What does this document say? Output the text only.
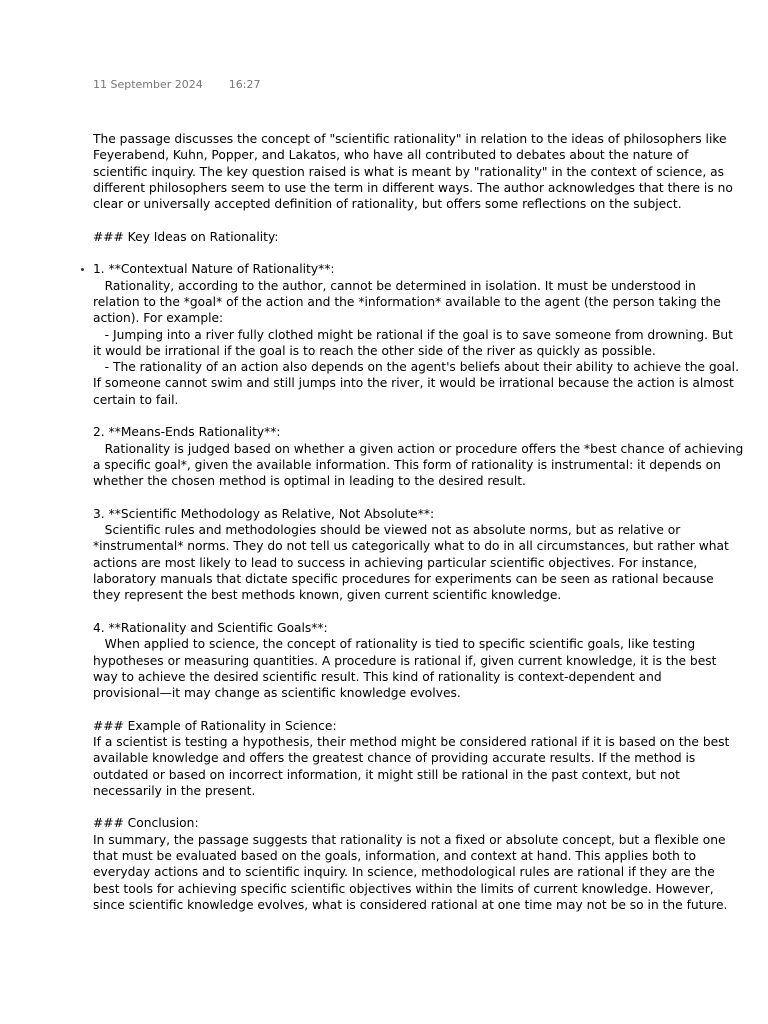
11 September 2024 16:27
The passage discusses the concept of "scientific rationality" in relation to the ideas of philosophers like
Feyerabend, Kuhn, Popper, and Lakatos, who have all contributed to debates about the nature of
scientific inquiry. The key question raised is what is meant by "rationality" in the context of science, as
different philosophers seem to use the term in different ways. The author acknowledges that there is no
clear or universally accepted definition of rationality, but offers some reflections on the subject.
### Key Ideas on Rationality:
1. **Contextual Nature of Rationality**:
Rationality, according to the author, cannot be determined in isolation. It must be understood in
relation to the *goal* of the action and the *information* available to the agent (the person taking the
action). For example:
- Jumping into a river fully clothed might be rational if the goal is to save someone from drowning. But
it would be irrational if the goal is to reach the other side of the river as quickly as possible.
- The rationality of an action also depends on the agent's beliefs about their ability to achieve the goal.
If someone cannot swim and still jumps into the river, it would be irrational because the action is almost
certain to fail.
2. **Means-Ends Rationality**:
Rationality is judged based on whether a given action or procedure offers the *best chance of achieving
a specific goal*, given the available information. This form of rationality is instrumental: it depends on
whether the chosen method is optimal in leading to the desired result.
3. **Scientific Methodology as Relative, Not Absolute**:
Scientific rules and methodologies should be viewed not as absolute norms, but as relative or
*instrumental* norms. They do not tell us categorically what to do in all circumstances, but rather what
actions are most likely to lead to success in achieving particular scientific objectives. For instance,
laboratory manuals that dictate specific procedures for experiments can be seen as rational because
they represent the best methods known, given current scientific knowledge.
4. **Rationality and Scientific Goals**:
When applied to science, the concept of rationality is tied to specific scientific goals, like testing
hypotheses or measuring quantities. A procedure is rational if, given current knowledge, it is the best
way to achieve the desired scientific result. This kind of rationality is context-dependent and
provisional—it may change as scientific knowledge evolves.
### Example of Rationality in Science:
If a scientist is testing a hypothesis, their method might be considered rational if it is based on the best
available knowledge and offers the greatest chance of providing accurate results. If the method is
outdated or based on incorrect information, it might still be rational in the past context, but not
necessarily in the present.
### Conclusion:
In summary, the passage suggests that rationality is not a fixed or absolute concept, but a flexible one
that must be evaluated based on the goals, information, and context at hand. This applies both to
everyday actions and to scientific inquiry. In science, methodological rules are rational if they are the
best tools for achieving specific scientific objectives within the limits of current knowledge. However,
since scientific knowledge evolves, what is considered rational at one time may not be so in the future.
